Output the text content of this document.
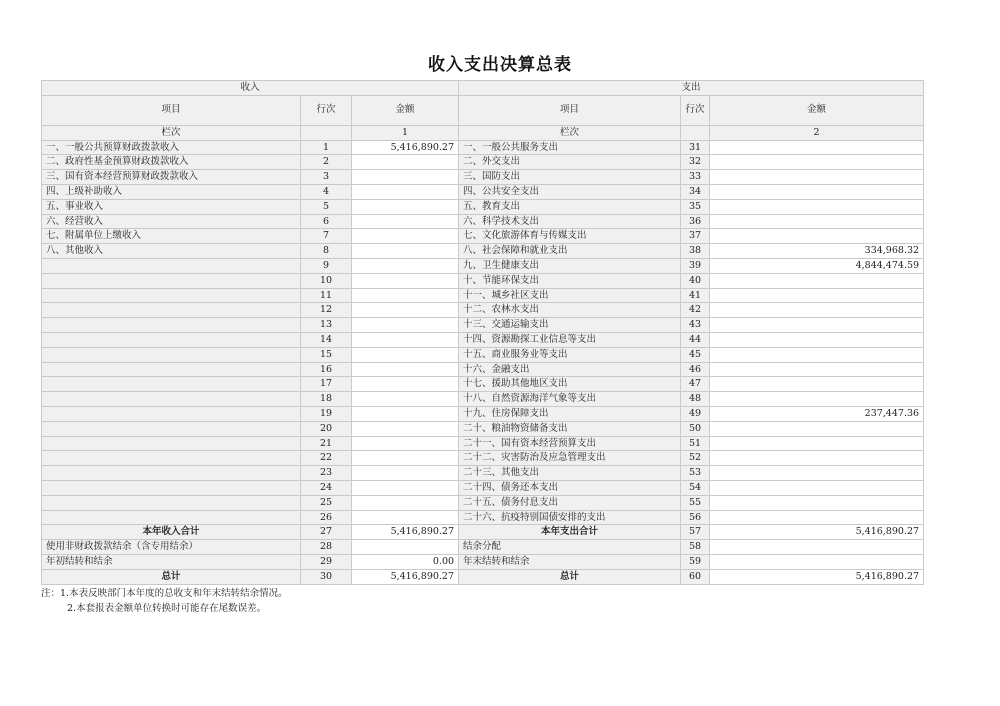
收入支出决算总表
收入			支出		
项目	行次	金额	项目	行次	金额
栏次		1	栏次		2
一、一般公共预算财政拨款收入	1	5,416,890.27	一、一般公共服务支出	31	
二、政府性基金预算财政拨款收入	2		二、外交支出	32	
三、国有资本经营预算财政拨款收入	3		三、国防支出	33	
四、上级补助收入	4		四、公共安全支出	34	
五、事业收入	5		五、教育支出	35	
六、经营收入	6		六、科学技术支出	36	
七、附属单位上缴收入	7		七、文化旅游体育与传媒支出	37	
八、其他收入	8		八、社会保障和就业支出	38	334,968.32
	9		九、卫生健康支出	39	4,844,474.59
	10		十、节能环保支出	40	
	11		十一、城乡社区支出	41	
	12		十二、农林水支出	42	
	13		十三、交通运输支出	43	
	14		十四、资源勘探工业信息等支出	44	
	15		十五、商业服务业等支出	45	
	16		十六、金融支出	46	
	17		十七、援助其他地区支出	47	
	18		十八、自然资源海洋气象等支出	48	
	19		十九、住房保障支出	49	237,447.36
	20		二十、粮油物资储备支出	50	
	21		二十一、国有资本经营预算支出	51	
	22		二十二、灾害防治及应急管理支出	52	
	23		二十三、其他支出	53	
	24		二十四、债务还本支出	54	
	25		二十五、债务付息支出	55	
	26		二十六、抗疫特别国债安排的支出	56	
本年收入合计	27	5,416,890.27	本年支出合计	57	5,416,890.27
使用非财政拨款结余（含专用结余）	28		结余分配	58	
年初结转和结余	29	0.00	年末结转和结余	59	
总计	30	5,416,890.27	总计	60	5,416,890.27
注：1.本表反映部门本年度的总收支和年末结转结余情况。
2.本套报表金额单位转换时可能存在尾数误差。
